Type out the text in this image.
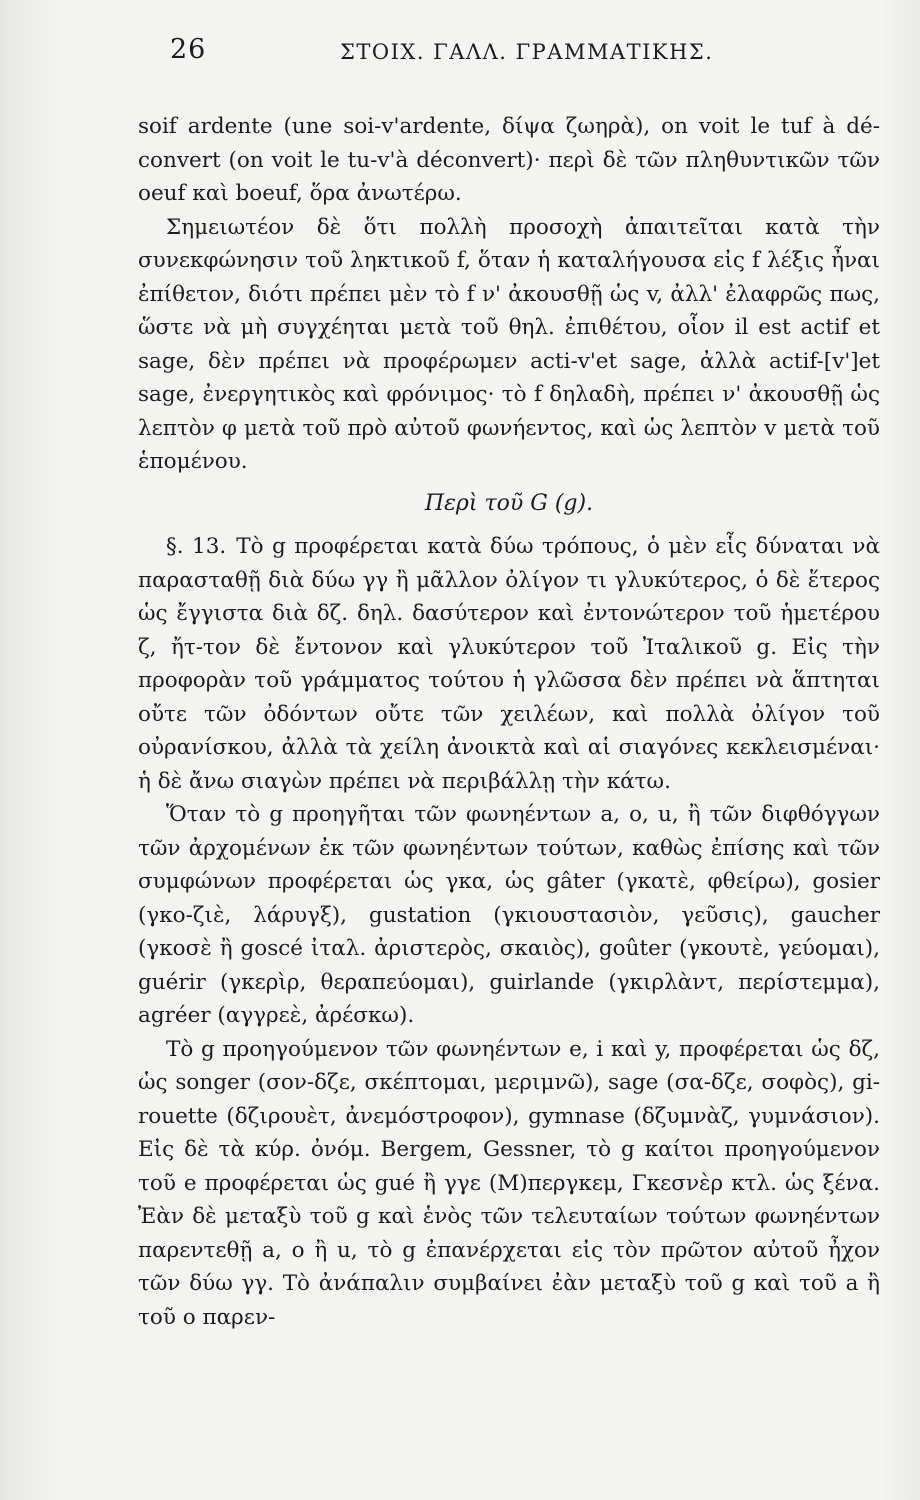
26	ΣΤΟΙΧ. ΓΑΛΛ. ΓΡΑΜΜΑΤΙΚΗΣ.

soif ardente (une soi-v'ardente, δίψα ζωηρὰ), on voit le tuf à dé-convert (on voit le tu-v'à déconvert)· περὶ δὲ τῶν πληθυντικῶν τῶν oeuf καὶ boeuf, ὅρα ἀνωτέρω.

Σημειωτέον δὲ ὅτι πολλὴ προσοχὴ ἀπαιτεῖται κατὰ τὴν συνεκφώνησιν τοῦ ληκτικοῦ f, ὅταν ἡ καταλήγουσα εἰς f λέξις ἦναι ἐπίθετον, διότι πρέπει μὲν τὸ f ν' ἀκουσθῇ ὡς v, ἀλλ' ἐλαφρῶς πως, ὥστε νὰ μὴ συγχέηται μετὰ τοῦ θηλ. ἐπιθέτου, οἷον il est actif et sage, δὲν πρέπει νὰ προφέρωμεν acti-v'et sage, ἀλλὰ actif-[v']et sage, ἐνεργητικὸς καὶ φρόνιμος· τὸ f δηλαδὴ, πρέπει ν' ἀκουσθῇ ὡς λεπτὸν φ μετὰ τοῦ πρὸ αὐτοῦ φωνήεντος, καὶ ὡς λεπτὸν v μετὰ τοῦ ἑπομένου.

Περὶ τοῦ G (g).

§. 13. Τὸ g προφέρεται κατὰ δύω τρόπους, ὁ μὲν εἷς δύναται νὰ παρασταθῇ διὰ δύω γγ ἢ μᾶλλον ὀλίγον τι γλυκύτερος, ὁ δὲ ἕτερος ὡς ἔγγιστα διὰ δζ. δηλ. δασύτερον καὶ ἐντονώτερον τοῦ ἡμετέρου ζ, ἤτ-τον δὲ ἔντονον καὶ γλυκύτερον τοῦ Ἰταλικοῦ g. Εἰς τὴν προφορὰν τοῦ γράμματος τούτου ἡ γλῶσσα δὲν πρέπει νὰ ἅπτηται οὔτε τῶν ὀδόντων οὔτε τῶν χειλέων, καὶ πολλὰ ὀλίγον τοῦ οὐρανίσκου, ἀλλὰ τὰ χείλη ἀνοικτὰ καὶ αἱ σιαγόνες κεκλεισμέναι· ἡ δὲ ἄνω σιαγὼν πρέπει νὰ περιβάλλῃ τὴν κάτω.

Ὅταν τὸ g προηγῆται τῶν φωνηέντων a, o, u, ἢ τῶν διφθόγγων τῶν ἀρχομένων ἐκ τῶν φωνηέντων τούτων, καθὼς ἐπίσης καὶ τῶν συμφώνων προφέρεται ὡς γκα, ὡς gâter (γκατὲ, φθείρω), gosier (γκο-ζιὲ, λάρυγξ), gustation (γκιουστασιὸν, γεῦσις), gaucher (γκοσὲ ἢ goscé ἰταλ. ἀριστερὸς, σκαιὸς), goûter (γκουτὲ, γεύομαι), guérir (γκερὶρ, θεραπεύομαι), guirlande (γκιρλὰντ, περίστεμμα), agréer (αγγρεὲ, ἀρέσκω).

Τὸ g προηγούμενον τῶν φωνηέντων e, i καὶ y, προφέρεται ὡς δζ, ὡς songer (σον-δζε, σκέπτομαι, μεριμνῶ), sage (σα-δζε, σοφὸς), gi-rouette (δζιρουὲτ, ἀνεμόστροφον), gymnase (δζυμνὰζ, γυμνάσιον). Εἰς δὲ τὰ κύρ. ὀνόμ. Bergem, Gessner, τὸ g καίτοι προηγούμενον τοῦ e προφέρεται ὡς gué ἢ γγε (Μ)περγκεμ, Γκεσνὲρ κτλ. ὡς ξένα. Ἐὰν δὲ μεταξὺ τοῦ g καὶ ἑνὸς τῶν τελευταίων τούτων φωνηέντων παρεντεθῇ a, o ἢ u, τὸ g ἐπανέρχεται εἰς τὸν πρῶτον αὐτοῦ ἦχον τῶν δύω γγ. Τὸ ἀνάπαλιν συμβαίνει ἐὰν μεταξὺ τοῦ g καὶ τοῦ a ἢ τοῦ o παρεν-
